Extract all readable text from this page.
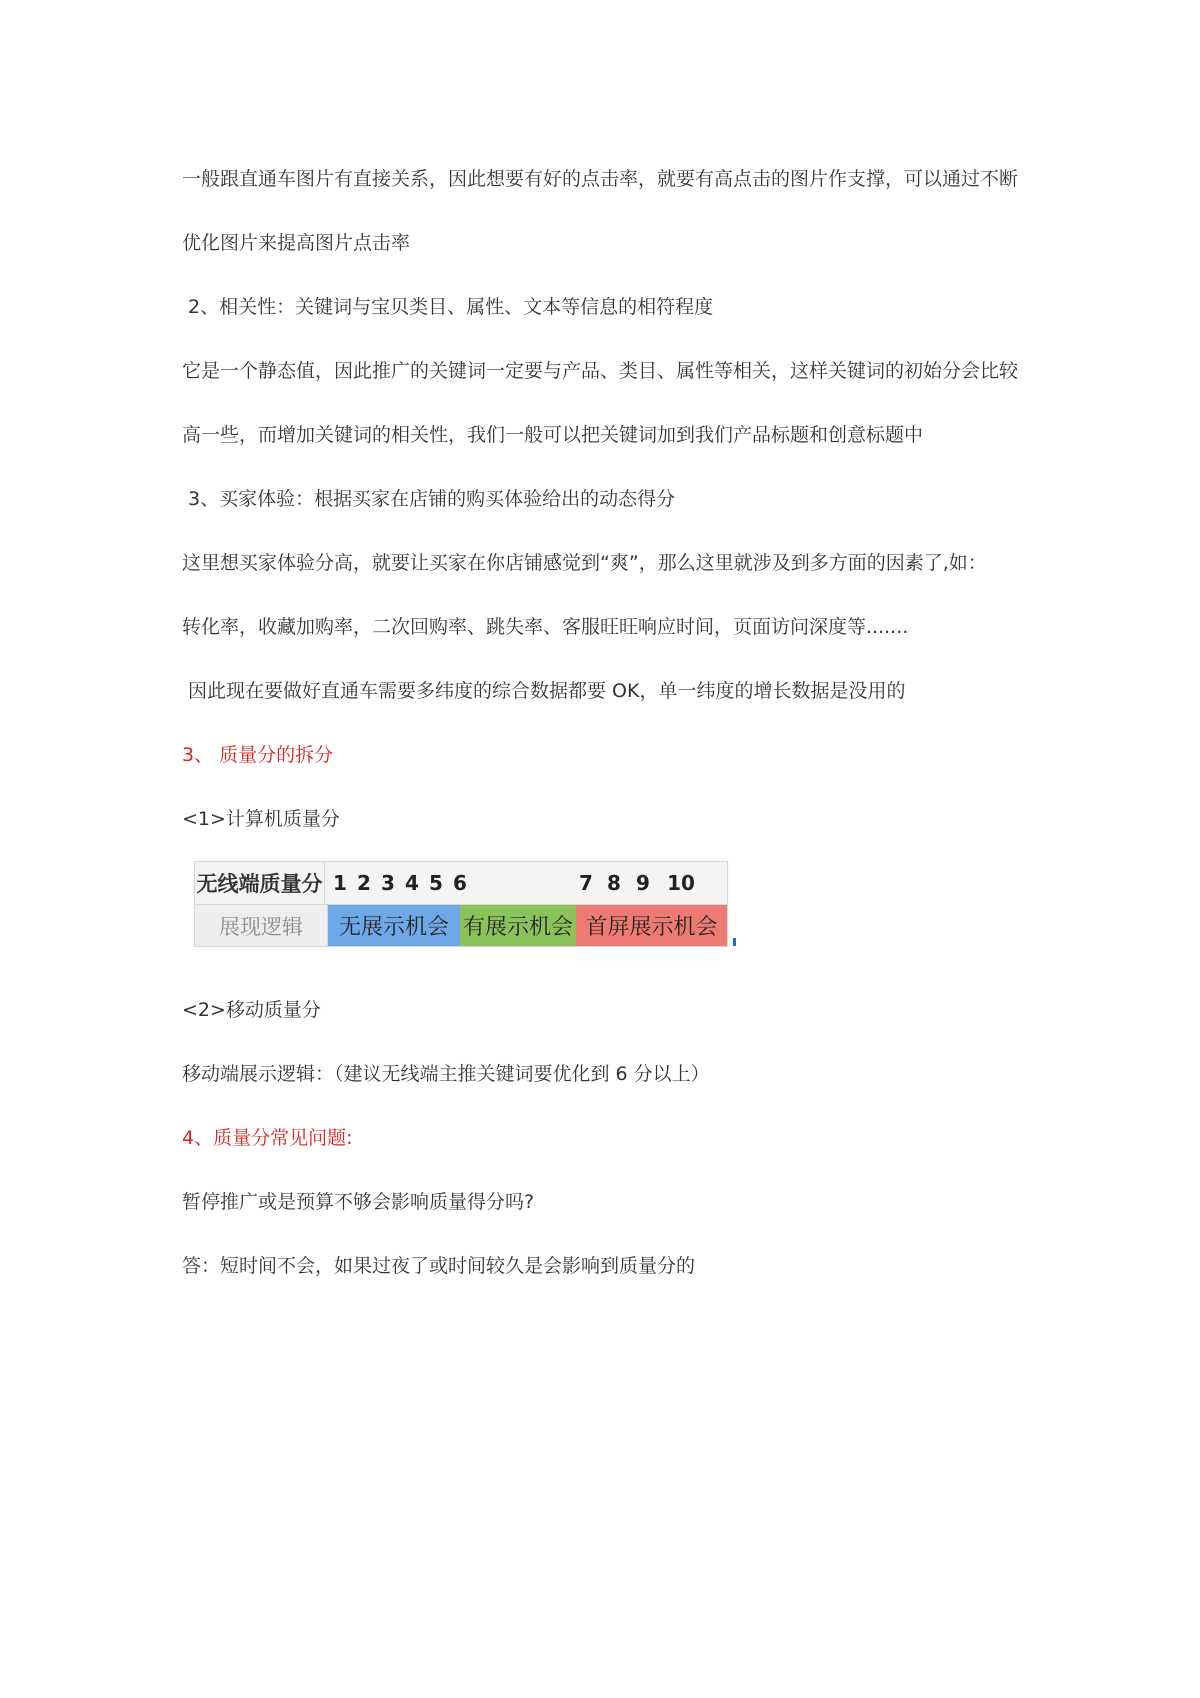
一般跟直通车图片有直接关系，因此想要有好的点击率，就要有高点击的图片作支撑，可以通过不断
优化图片来提高图片点击率
2、相关性：关键词与宝贝类目、属性、文本等信息的相符程度
它是一个静态值，因此推广的关键词一定要与产品、类目、属性等相关，这样关键词的初始分会比较
高一些，而增加关键词的相关性，我们一般可以把关键词加到我们产品标题和创意标题中
3、买家体验：根据买家在店铺的购买体验给出的动态得分
这里想买家体验分高，就要让买家在你店铺感觉到“爽”，那么这里就涉及到多方面的因素了,如：
转化率，收藏加购率，二次回购率、跳失率、客服旺旺响应时间，页面访问深度等.......
因此现在要做好直通车需要多纬度的综合数据都要 OK，单一纬度的增长数据是没用的
3、 质量分的拆分
<1>计算机质量分
无线端质量分 1 2 3 4 5 6	7 8 9 10
展现逻辑	无展示机会 有展示机会 首屏展示机会
<2>移动质量分
移动端展示逻辑：（建议无线端主推关键词要优化到 6 分以上）
4、质量分常见问题:
暂停推广或是预算不够会影响质量得分吗?
答：短时间不会，如果过夜了或时间较久是会影响到质量分的
